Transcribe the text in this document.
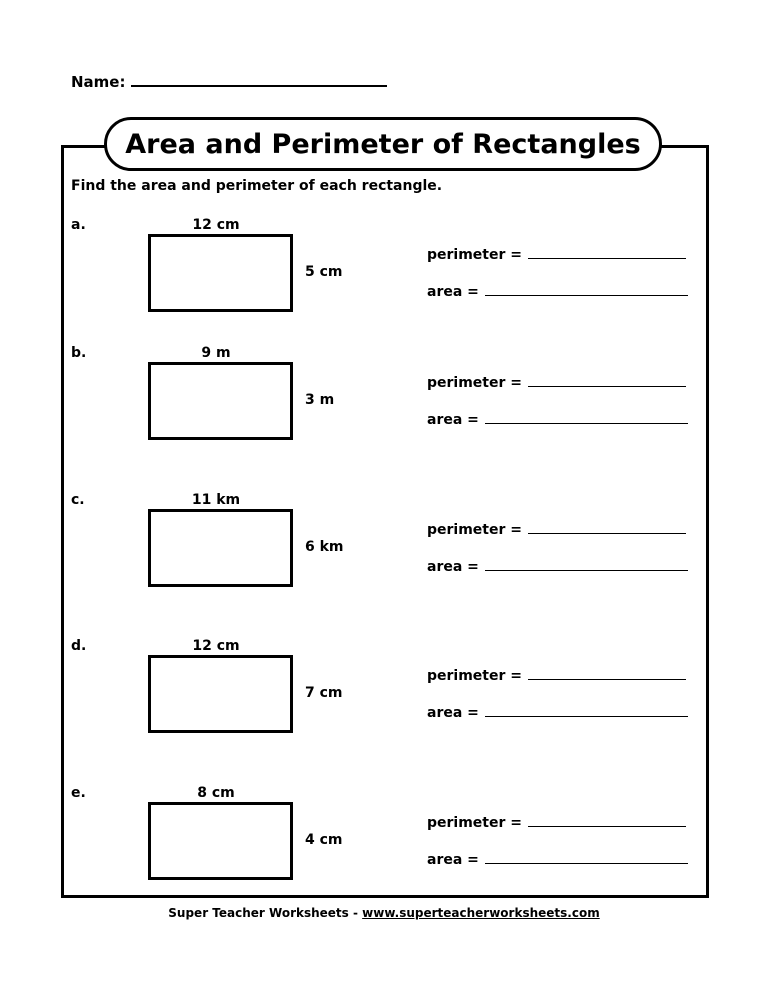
Name:
Area and Perimeter of Rectangles
Find the area and perimeter of each rectangle.
a.	12 cm
5 cm
perimeter =
area =
b.	9 m
3 m
perimeter =
area =
c.	11 km
6 km
perimeter =
area =
d.	12 cm
7 cm
perimeter =
area =
e.	8 cm
4 cm
perimeter =
area =
Super Teacher Worksheets - www.superteacherworksheets.com
